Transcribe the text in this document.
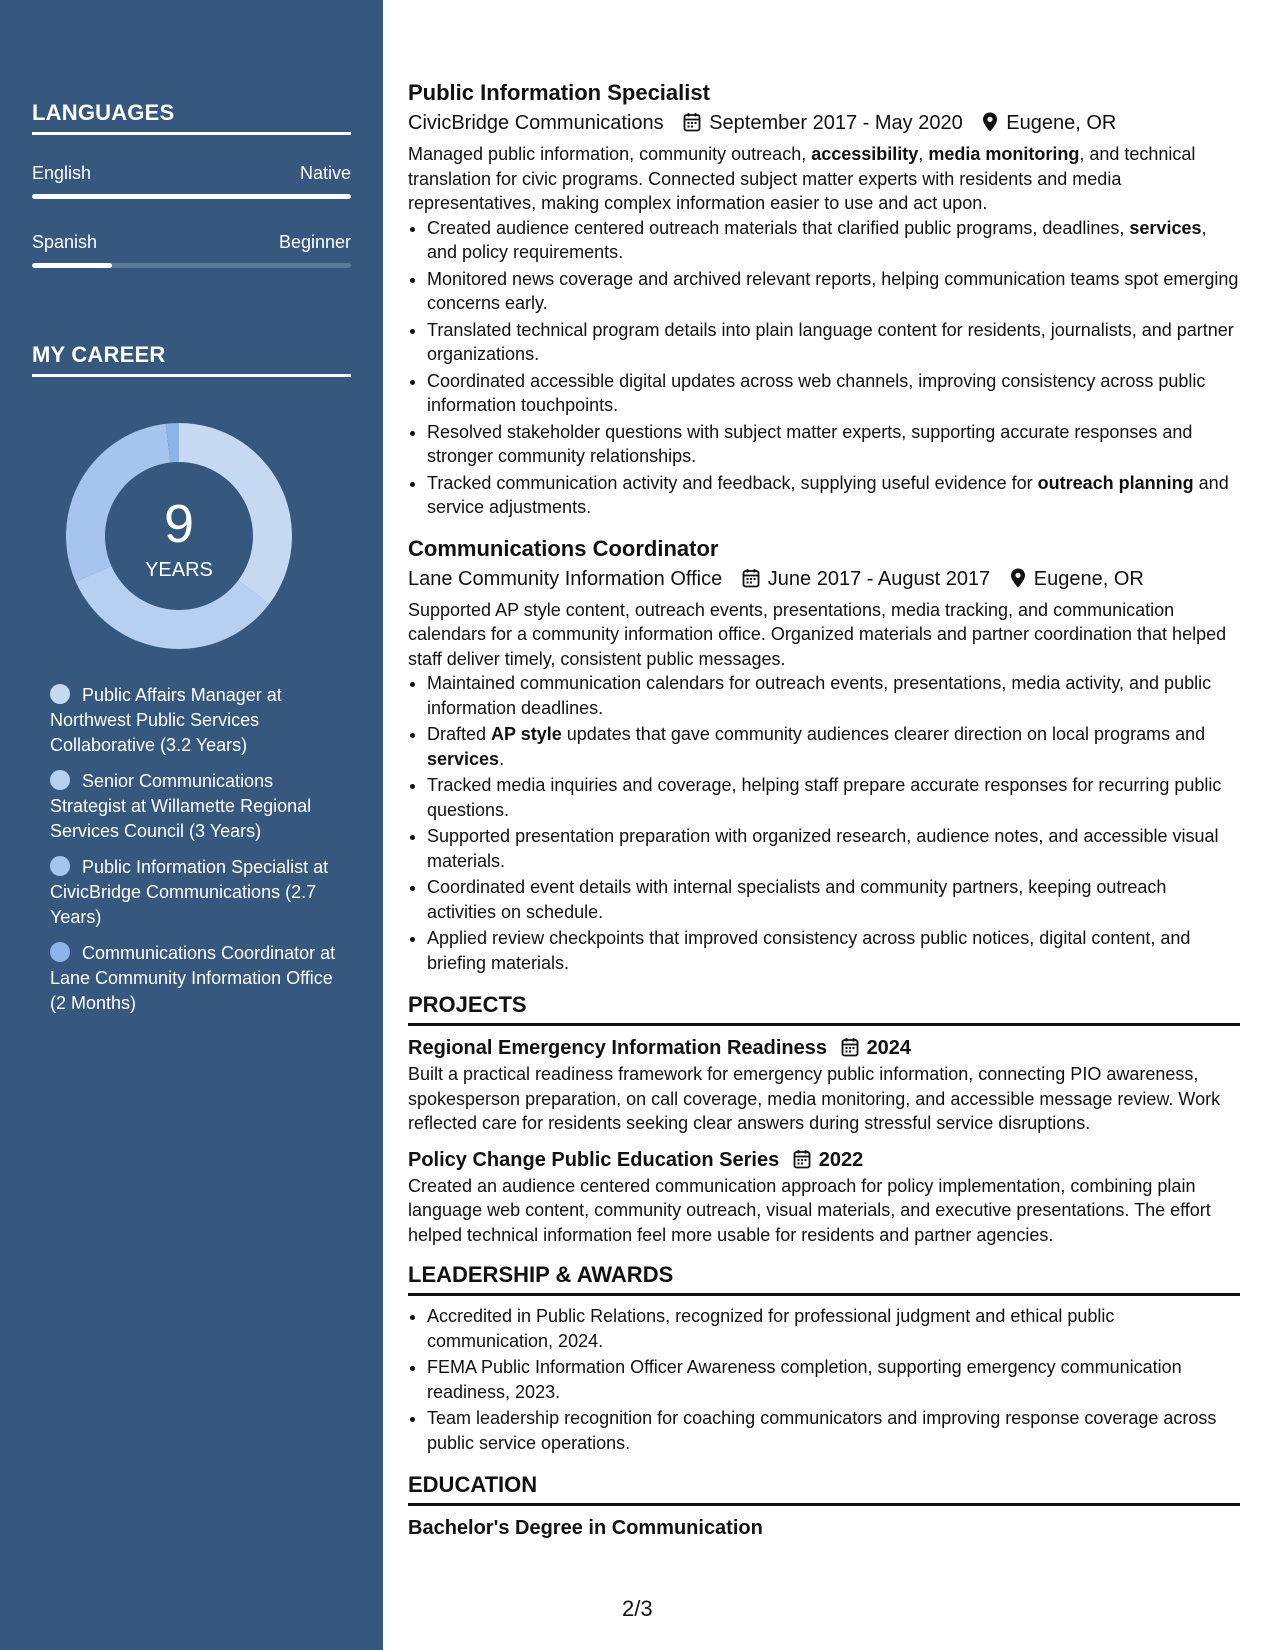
LANGUAGES
English	Native
Spanish	Beginner
MY CAREER
9
YEARS
Public Affairs Manager at Northwest Public Services Collaborative (3.2 Years)
Senior Communications Strategist at Willamette Regional Services Council (3 Years)
Public Information Specialist at CivicBridge Communications (2.7 Years)
Communications Coordinator at Lane Community Information Office (2 Months)
Public Information Specialist
CivicBridge Communications September 2017 - May 2020 Eugene, OR

Managed public information, community outreach, accessibility, media monitoring, and technical translation for civic programs. Connected subject matter experts with residents and media representatives, making complex information easier to use and act upon.

• Created audience centered outreach materials that clarified public programs, deadlines, services, and policy requirements.
• Monitored news coverage and archived relevant reports, helping communication teams spot emerging concerns early.
• Translated technical program details into plain language content for residents, journalists, and partner organizations.
• Coordinated accessible digital updates across web channels, improving consistency across public information touchpoints.
• Resolved stakeholder questions with subject matter experts, supporting accurate responses and stronger community relationships.
• Tracked communication activity and feedback, supplying useful evidence for outreach planning and service adjustments.
Communications Coordinator
Lane Community Information Office June 2017 - August 2017 Eugene, OR

Supported AP style content, outreach events, presentations, media tracking, and communication calendars for a community information office. Organized materials and partner coordination that helped staff deliver timely, consistent public messages.

• Maintained communication calendars for outreach events, presentations, media activity, and public information deadlines.
• Drafted AP style updates that gave community audiences clearer direction on local programs and services.
• Tracked media inquiries and coverage, helping staff prepare accurate responses for recurring public questions.
• Supported presentation preparation with organized research, audience notes, and accessible visual materials.
• Coordinated event details with internal specialists and community partners, keeping outreach activities on schedule.
• Applied review checkpoints that improved consistency across public notices, digital content, and briefing materials.
PROJECTS
Regional Emergency Information Readiness 2024

Built a practical readiness framework for emergency public information, connecting PIO awareness, spokesperson preparation, on call coverage, media monitoring, and accessible message review. Work reflected care for residents seeking clear answers during stressful service disruptions.

Policy Change Public Education Series 2022

Created an audience centered communication approach for policy implementation, combining plain language web content, community outreach, visual materials, and executive presentations. The effort helped technical information feel more usable for residents and partner agencies.

LEADERSHIP & AWARDS
• Accredited in Public Relations, recognized for professional judgment and ethical public communication, 2024.
• FEMA Public Information Officer Awareness completion, supporting emergency communication readiness, 2023.
• Team leadership recognition for coaching communicators and improving response coverage across public service operations.
EDUCATION
Bachelor's Degree in Communication
2/3
